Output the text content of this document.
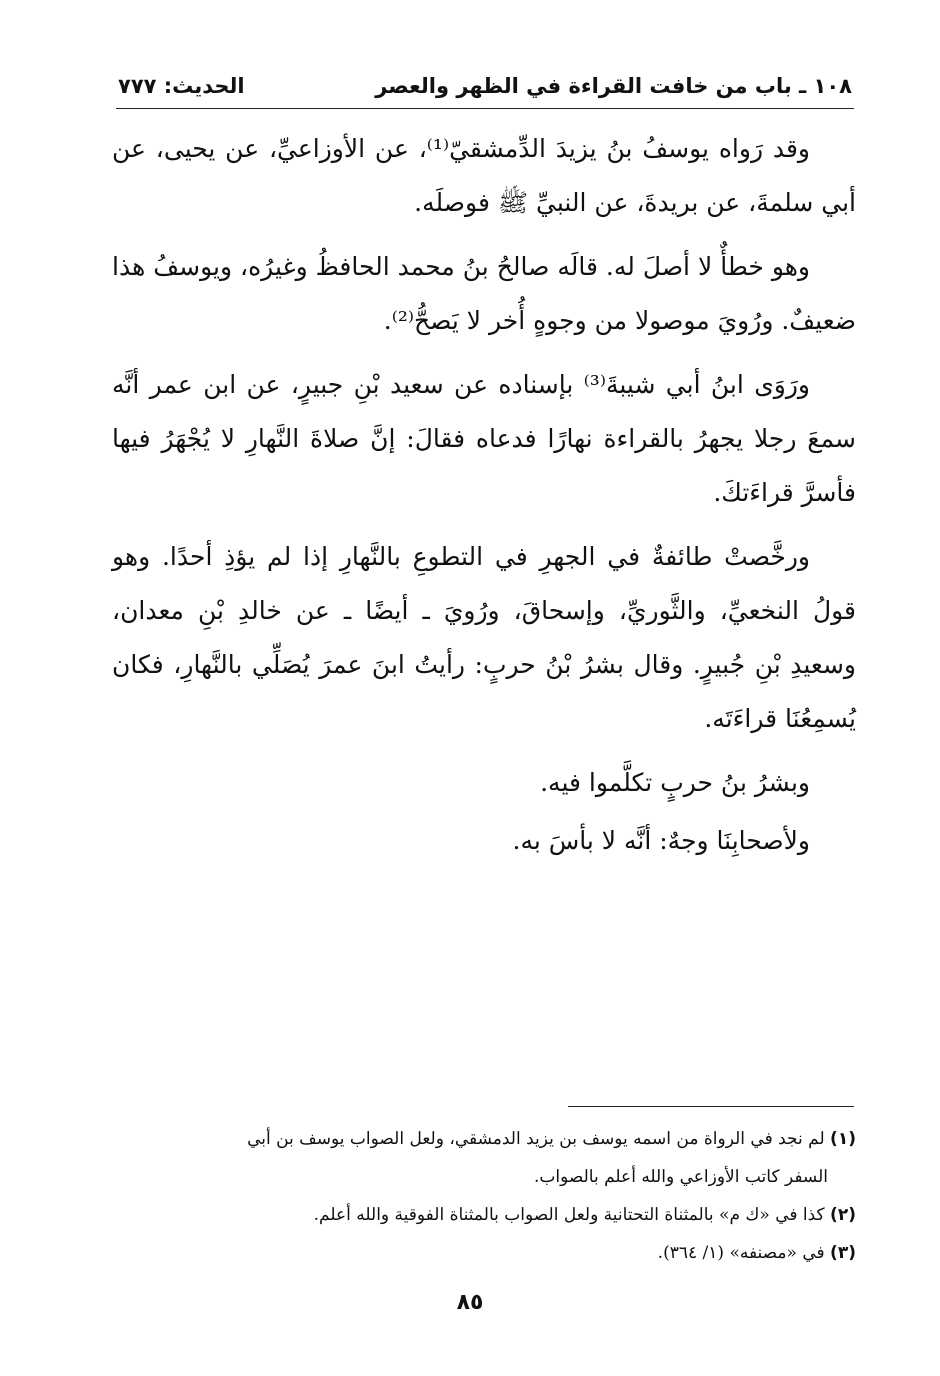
١٠٨ ـ باب من خافت القراءة في الظهر والعصر
الحديث: ٧٧٧

وقد رَواه يوسفُ بنُ يزيدَ الدِّمشقيّ⁽¹⁾، عن الأوزاعيِّ، عن يحيى، عن أبي سلمةَ، عن بريدةَ، عن النبيِّ ﷺ فوصلَه.

وهو خطأٌ لا أصلَ له. قالَه صالحُ بنُ محمد الحافظُ وغيرُه، ويوسفُ هذا ضعيفٌ. ورُويَ موصولا من وجوهٍ أُخر لا يَصحُّ⁽²⁾.

ورَوَى ابنُ أبي شيبةَ⁽³⁾ بإسناده عن سعيد بْنِ جبيرٍ، عن ابن عمر أنَّه سمعَ رجلا يجهرُ بالقراءة نهارًا فدعاه فقالَ: إنَّ صلاةَ النَّهارِ لا يُجْهَرُ فيها فأسرَّ قراءَتكَ.

ورخَّصتْ طائفةٌ في الجهرِ في التطوعِ بالنَّهارِ إذا لم يؤذِ أحدًا. وهو قولُ النخعيِّ، والثَّوريِّ، وإسحاقَ، ورُويَ ـ أيضًا ـ عن خالدِ بْنِ معدان، وسعيدِ بْنِ جُبيرٍ. وقال بشرُ بْنُ حربٍ: رأيتُ ابنَ عمرَ يُصَلِّي بالنَّهارِ، فكان يُسمِعُنَا قراءَتَه.

وبشرُ بنُ حربٍ تكلَّموا فيه.

ولأصحابِنَا وجهٌ: أنَّه لا بأسَ به.

(١) لم نجد في الرواة من اسمه يوسف بن يزيد الدمشقي، ولعل الصواب يوسف بن أبي

السفر كاتب الأوزاعي والله أعلم بالصواب.

(٢) كذا في «ك م» بالمثناة التحتانية ولعل الصواب بالمثناة الفوقية والله أعلم.

(٣) في «مصنفه» (١/ ٣٦٤).

٨٥
